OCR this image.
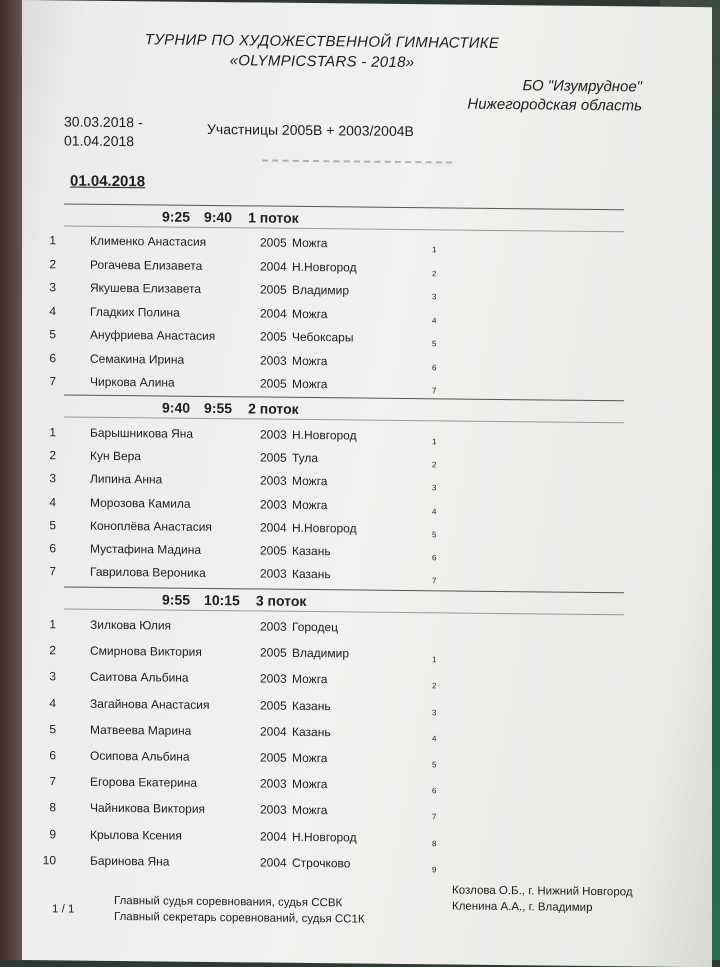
ТУРНИР ПО ХУДОЖЕСТВЕННОЙ ГИМНАСТИКЕ
«OLYMPICSTARS - 2018»
БО "Изумрудное"
Нижегородская область
30.03.2018 -
01.04.2018
Участницы 2005В + 2003/2004В
01.04.2018
9:25 9:40 1 поток
1	Клименко Анастасия	2005 Можга	1
2	Рогачева Елизавета	2004 Н.Новгород	2
3	Якушева Елизавета	2005 Владимир	3
4	Гладких Полина	2004 Можга	4
5	Ануфриева Анастасия	2005 Чебоксары	5
6	Семакина Ирина	2003 Можга	6
7	Чиркова Алина	2005 Можга	7
9:40 9:55 2 поток
1	Барышникова Яна	2003 Н.Новгород	1
2	Кун Вера	2005 Тула	2
3	Липина Анна	2003 Можга	3
4	Морозова Камила	2003 Можга	4
5	Коноплёва Анастасия	2004 Н.Новгород	5
6	Мустафина Мадина	2005 Казань	6
7	Гаврилова Вероника	2003 Казань	7
9:55 10:15 3 поток
1	Зилкова Юлия	2003 Городец
2	Смирнова Виктория	2005 Владимир	1
3	Саитова Альбина	2003 Можга	2
4	Загайнова Анастасия	2005 Казань	3
5	Матвеева Марина	2004 Казань	4
6	Осипова Альбина	2005 Можга	5
7	Егорова Екатерина	2003 Можга	6
8	Чайникова Виктория	2003 Можга	7
9	Крылова Ксения	2004 Н.Новгород	8
10	Баринова Яна	2004 Строчково	9
1 / 1
Главный судья соревнования, судья ССВК
Главный секретарь соревнований, судья СС1К
Козлова О.Б., г. Нижний Новгород
Кленина А.А., г. Владимир
